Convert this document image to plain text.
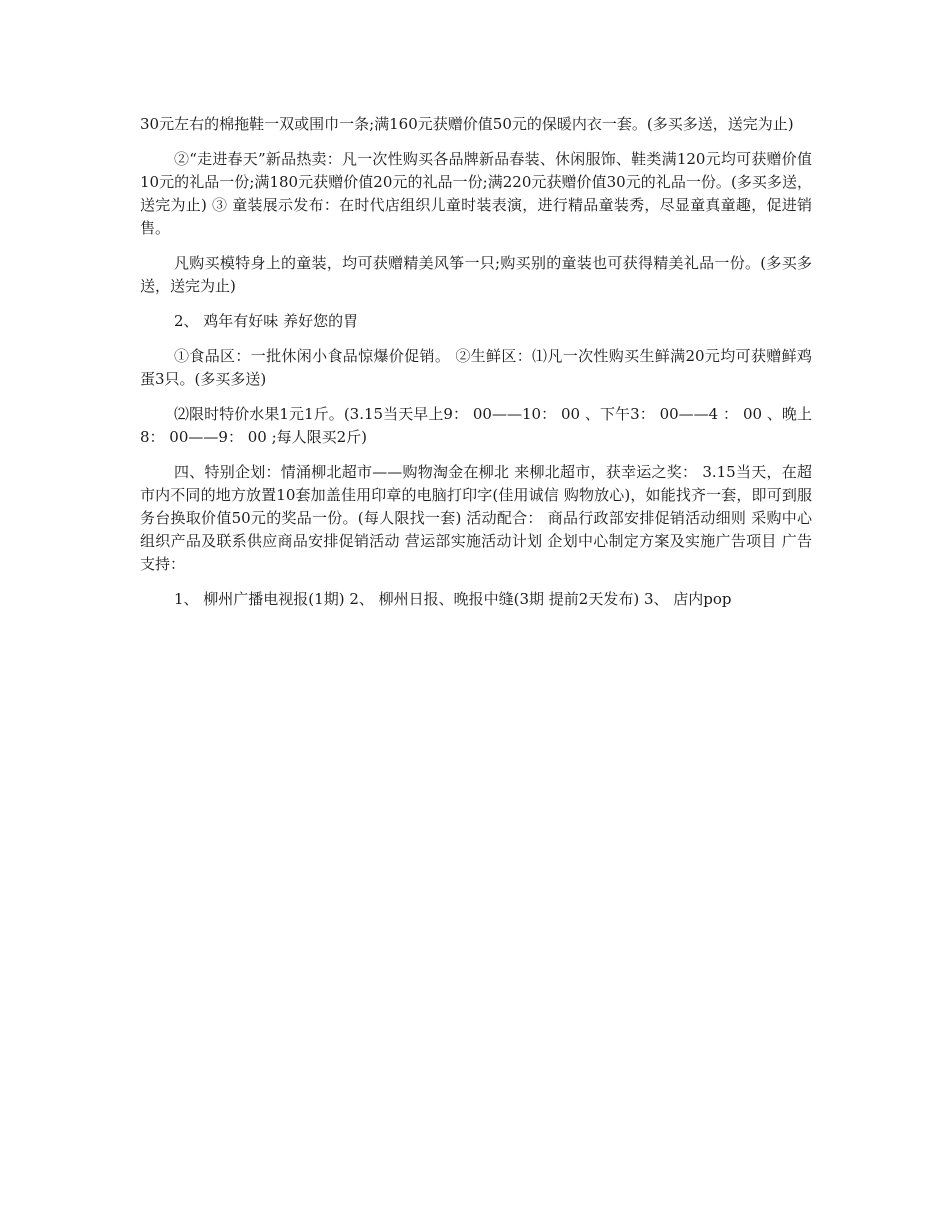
30元左右的棉拖鞋一双或围巾一条;满160元获赠价值50元的保暖内衣一套。(多买多送，送完为止)

②“走进春天”新品热卖：凡一次性购买各品牌新品春装、休闲服饰、鞋类满120元均可获赠价值10元的礼品一份;满180元获赠价值20元的礼品一份;满220元获赠价值30元的礼品一份。(多买多送，送完为止) ③ 童装展示发布：在时代店组织儿童时装表演，进行精品童装秀，尽显童真童趣，促进销售。

凡购买模特身上的童装，均可获赠精美风筝一只;购买别的童装也可获得精美礼品一份。(多买多送，送完为止)

2、 鸡年有好味 养好您的胃

①食品区：一批休闲小食品惊爆价促销。 ②生鲜区：⑴凡一次性购买生鲜满20元均可获赠鲜鸡蛋3只。(多买多送)

⑵限时特价水果1元1斤。(3.15当天早上9： 00——10： 00 、下午3： 00——4 ： 00 、晚上8： 00——9： 00 ;每人限买2斤)

四、特别企划：情涌柳北超市——购物淘金在柳北 来柳北超市，获幸运之奖： 3.15当天，在超市内不同的地方放置10套加盖佳用印章的电脑打印字(佳用诚信 购物放心)，如能找齐一套，即可到服务台换取价值50元的奖品一份。(每人限找一套) 活动配合： 商品行政部安排促销活动细则 采购中心组织产品及联系供应商品安排促销活动 营运部实施活动计划 企划中心制定方案及实施广告项目 广告支持：

1、 柳州广播电视报(1期) 2、 柳州日报、晚报中缝(3期 提前2天发布) 3、 店内pop
